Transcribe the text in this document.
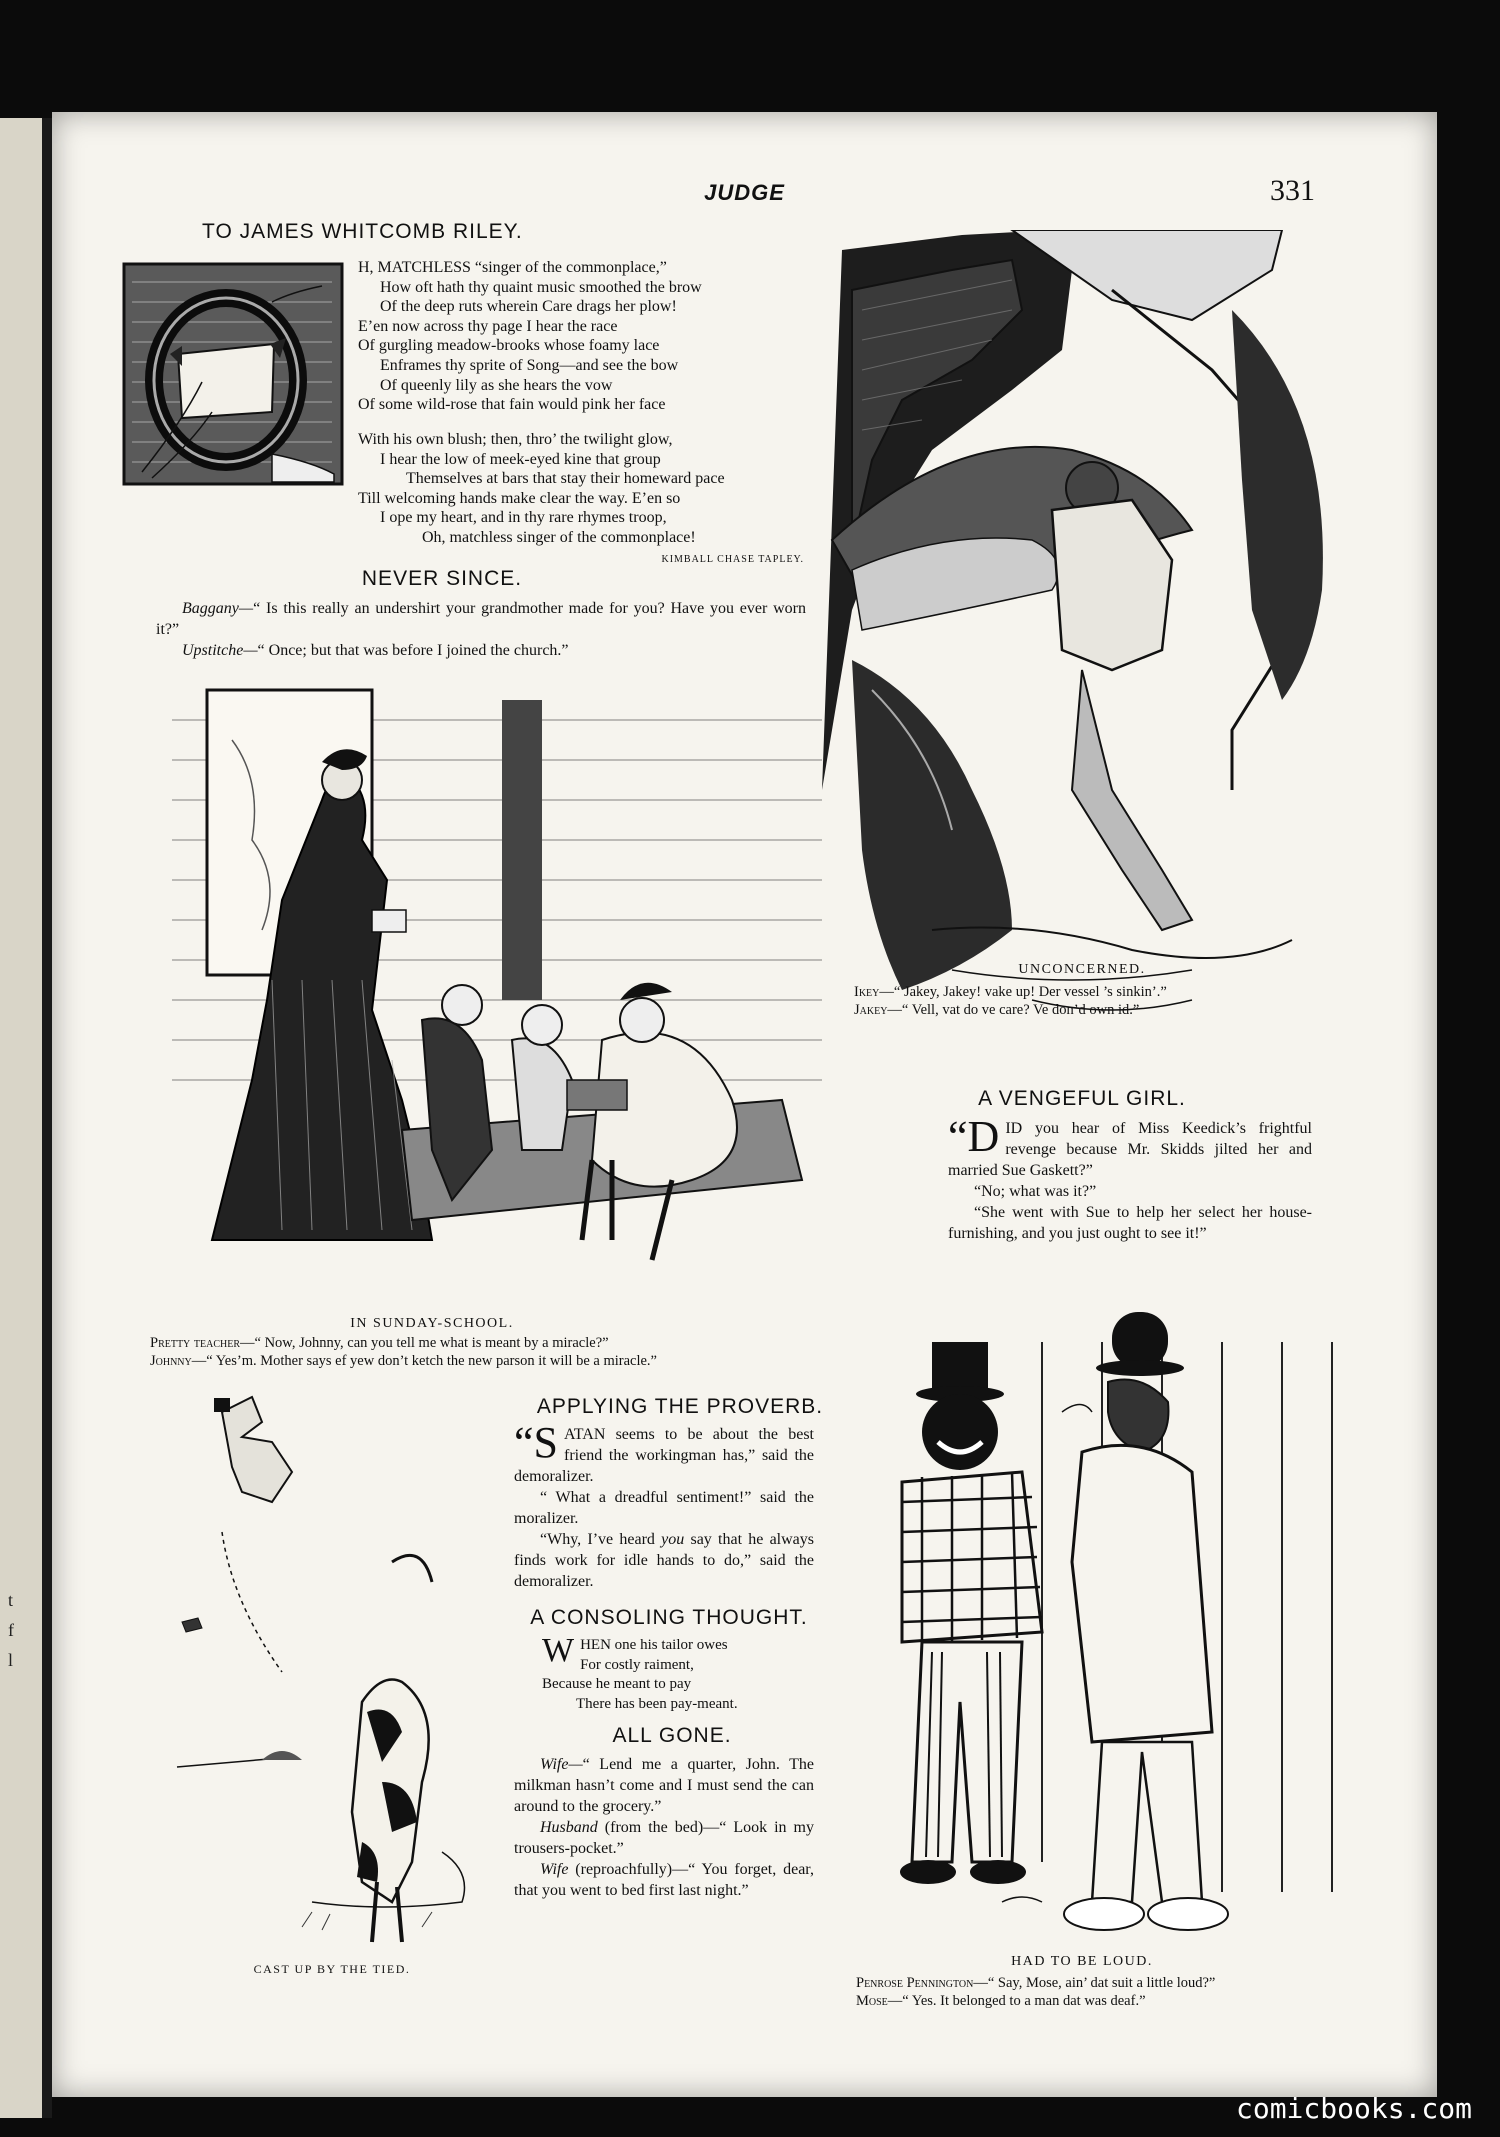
t
f
l
JUDGE	331
TO JAMES WHITCOMB RILEY.
H, MATCHLESS “singer of the commonplace,”
How oft hath thy quaint music smoothed the brow
Of the deep ruts wherein Care drags her plow!
E’en now across thy page I hear the race
Of gurgling meadow-brooks whose foamy lace
Enframes thy sprite of Song—and see the bow
Of queenly lily as she hears the vow
Of some wild-rose that fain would pink her face
With his own blush; then, thro’ the twilight glow,
I hear the low of meek-eyed kine that group
Themselves at bars that stay their homeward pace
Till welcoming hands make clear the way. E’en so
I ope my heart, and in thy rare rhymes troop,
Oh, matchless singer of the commonplace!
KIMBALL CHASE TAPLEY.
NEVER SINCE.

Baggany—“ Is this really an undershirt your grandmother made for you? Have you ever worn it?”

Upstitche—“ Once; but that was before I joined the church.”

UNCONCERNED.
Ikey—“ Jakey, Jakey! vake up! Der vessel ’s sinkin’.”
Jakey—“ Vell, vat do ve care? Ve don’d own id.”
IN SUNDAY-SCHOOL.
Pretty teacher—“ Now, Johnny, can you tell me what is meant by a miracle?”
Johnny—“ Yes’m. Mother says ef yew don’t ketch the new parson it will be a miracle.”
A VENGEFUL GIRL.

“DID you hear of Miss Keedick’s frightful revenge because Mr. Skidds jilted her and married Sue Gaskett?”

“No; what was it?”

“She went with Sue to help her select her house-furnishing, and you just ought to see it!”

CAST UP BY THE TIED.
APPLYING THE PROVERB.

“SATAN seems to be about the best friend the workingman has,” said the demoralizer.

“ What a dreadful sentiment!” said the moralizer.

“Why, I’ve heard you say that he always finds work for idle hands to do,” said the demoralizer.

A CONSOLING THOUGHT.
WHEN one his tailor owes
For costly raiment,
Because he meant to pay
There has been pay-meant.
ALL GONE.

Wife—“ Lend me a quarter, John. The milkman hasn’t come and I must send the can around to the grocery.”

Husband (from the bed)—“ Look in my trousers-pocket.”

Wife (reproachfully)—“ You forget, dear, that you went to bed first last night.”

HAD TO BE LOUD.
Penrose Pennington—“ Say, Mose, ain’ dat suit a little loud?”
Mose—“ Yes. It belonged to a man dat was deaf.”
comicbooks.com
